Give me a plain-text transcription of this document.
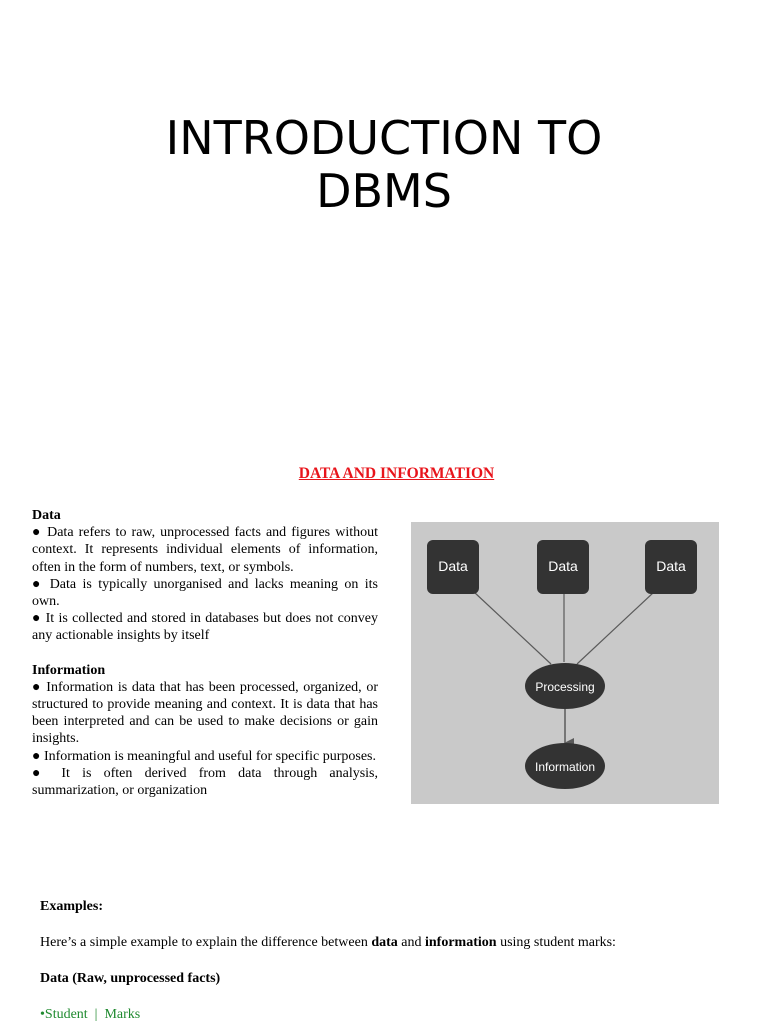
INTRODUCTION TO
DBMS
DATA AND INFORMATION

Data

● Data refers to raw, unprocessed facts and figures without context. It represents individual elements of information, often in the form of numbers, text, or symbols.

● Data is typically unorganised and lacks meaning on its own.

● It is collected and stored in databases but does not convey any actionable insights by itself

Information

● Information is data that has been processed, organized, or structured to provide meaning and context. It is data that has been interpreted and can be used to make decisions or gain insights.

● Information is meaningful and useful for specific purposes.

● It is often derived from data through analysis, summarization, or organization

Data	Data	Data
Processing
Information

Examples:

Here’s a simple example to explain the difference between data and information using student marks:

Data (Raw, unprocessed facts)

•Student  |  Marks
